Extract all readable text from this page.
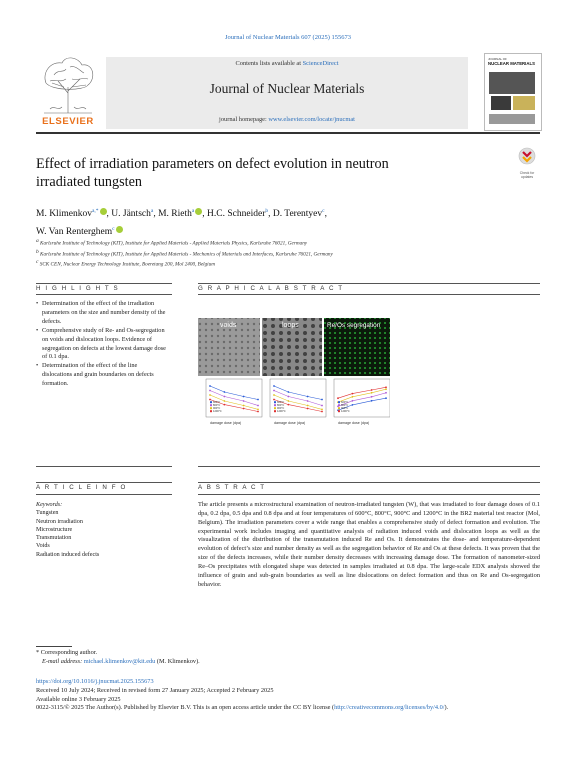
Journal of Nuclear Materials 607 (2025) 155673
ELSEVIER
Contents lists available at ScienceDirect
Journal of Nuclear Materials
journal homepage: www.elsevier.com/locate/jnucmat
JOURNAL OF
NUCLEAR MATERIALS
Effect of irradiation parameters on defect evolution in neutron irradiated tungsten
Check for updates
M. Klimenkov$^{a,*}$ , U. Jäntsch$^a$, M. Rieth$^a$ , H.C. Schneider$^b$, D. Terentyev$^c$,
W. Van Renterghem$^c$
$^a$ Karlsruhe Institute of Technology (KIT), Institute for Applied Materials - Applied Materials Physics, Karlsruhe 76021, Germany
$^b$ Karlsruhe Institute of Technology (KIT), Institute for Applied Materials - Mechanics of Materials and Interfaces, Karlsruhe 76021, Germany
$^c$ SCK CEN, Nuclear Energy Technology Institute, Boeretang 200, Mol 2400, Belgium
H I G H L I G H T S
• Determination of the effect of the irradiation parameters on the size and number density of the defects.
• Comprehensive study of Re- and Os-segregation on voids and dislocation loops. Evidence of segregation on defects at the lowest damage dose of 0.1 dpa.
• Determination of the effect of the line dislocations and grain boundaries on defects formation.
G R A P H I C A L A B S T R A C T
voids	loops	Re/Os segregation
600°C
800°C
900°C
1200°C
600°C
800°C
900°C
1200°C
600°C
800°C
900°C
1200°C
damage dose (dpa)	damage dose (dpa)	damage dose (dpa)
A R T I C L E I N F O
Keywords:
Tungsten
Neutron irradiation
Microstructure
Transmutation
Voids
Radiation induced defects
A B S T R A C T
The article presents a microstructural examination of neutron-irradiated tungsten (W), that was irradiated to four damage doses of 0.1 dpa, 0.2 dpa, 0.5 dpa and 0.8 dpa and at four temperatures of 600°C, 800°C, 900°C and 1200°C in the BR2 material test reactor (Mol, Belgium). The irradiation parameters cover a wide range that enables a comprehensive study of defect formation and evolution. The experimental work includes imaging and quantitative analysis of radiation induced voids and dislocation loops as well as the visualization of the distribution of the transmutation induced Re and Os. It demonstrates the dose- and temperature-dependent evolution of defect’s size and number density as well as the segregation behavior of Re and Os at these defects. It was proven that the size of the defects increases, while their number density decreases with increasing damage dose. The formation of nanometer-sized Re–Os precipitates with elongated shape was detected in samples irradiated at 0.8 dpa. The large-scale EDX analysis showed the influence of grain and sub-grain boundaries as well as line dislocations on defect formation and thus on Re and Os-segregation behavior.
* Corresponding author.
E-mail address: michael.klimenkov@kit.edu (M. Klimenkov).
https://doi.org/10.1016/j.jnucmat.2025.155673
Received 10 July 2024; Received in revised form 27 January 2025; Accepted 2 February 2025
Available online 3 February 2025
0022-3115/© 2025 The Author(s). Published by Elsevier B.V. This is an open access article under the CC BY license (http://creativecommons.org/licenses/by/4.0/).
